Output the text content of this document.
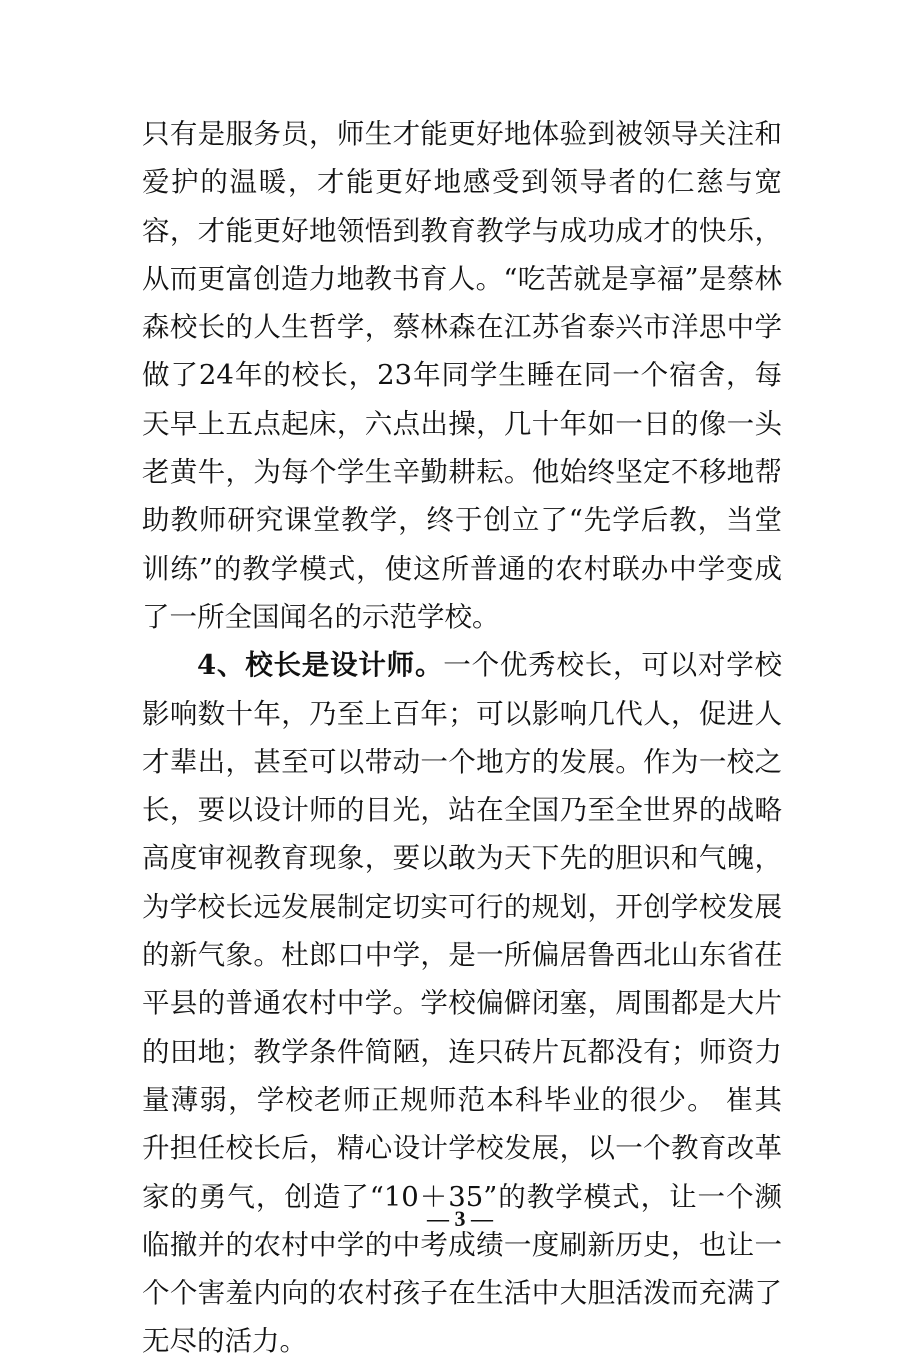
只有是服务员，师生才能更好地体验到被领导关注和爱护的温暖，才能更好地感受到领导者的仁慈与宽容，才能更好地领悟到教育教学与成功成才的快乐，从而更富创造力地教书育人。“吃苦就是享福”是蔡林森校长的人生哲学，蔡林森在江苏省泰兴市洋思中学做了24年的校长，23年同学生睡在同一个宿舍，每天早上五点起床，六点出操，几十年如一日的像一头老黄牛，为每个学生辛勤耕耘。他始终坚定不移地帮助教师研究课堂教学，终于创立了“先学后教，当堂训练”的教学模式，使这所普通的农村联办中学变成了一所全国闻名的示范学校。

4、校长是设计师。一个优秀校长，可以对学校影响数十年，乃至上百年；可以影响几代人，促进人才辈出，甚至可以带动一个地方的发展。作为一校之长，要以设计师的目光，站在全国乃至全世界的战略高度审视教育现象，要以敢为天下先的胆识和气魄，为学校长远发展制定切实可行的规划，开创学校发展的新气象。杜郎口中学，是一所偏居鲁西北山东省茌平县的普通农村中学。学校偏僻闭塞，周围都是大片的田地；教学条件简陋，连只砖片瓦都没有；师资力量薄弱，学校老师正规师范本科毕业的很少。 崔其升担任校长后，精心设计学校发展，以一个教育改革家的勇气，创造了“10＋35”的教学模式，让一个濒临撤并的农村中学的中考成绩一度刷新历史，也让一个个害羞内向的农村孩子在生活中大胆活泼而充满了无尽的活力。

— 3 —
